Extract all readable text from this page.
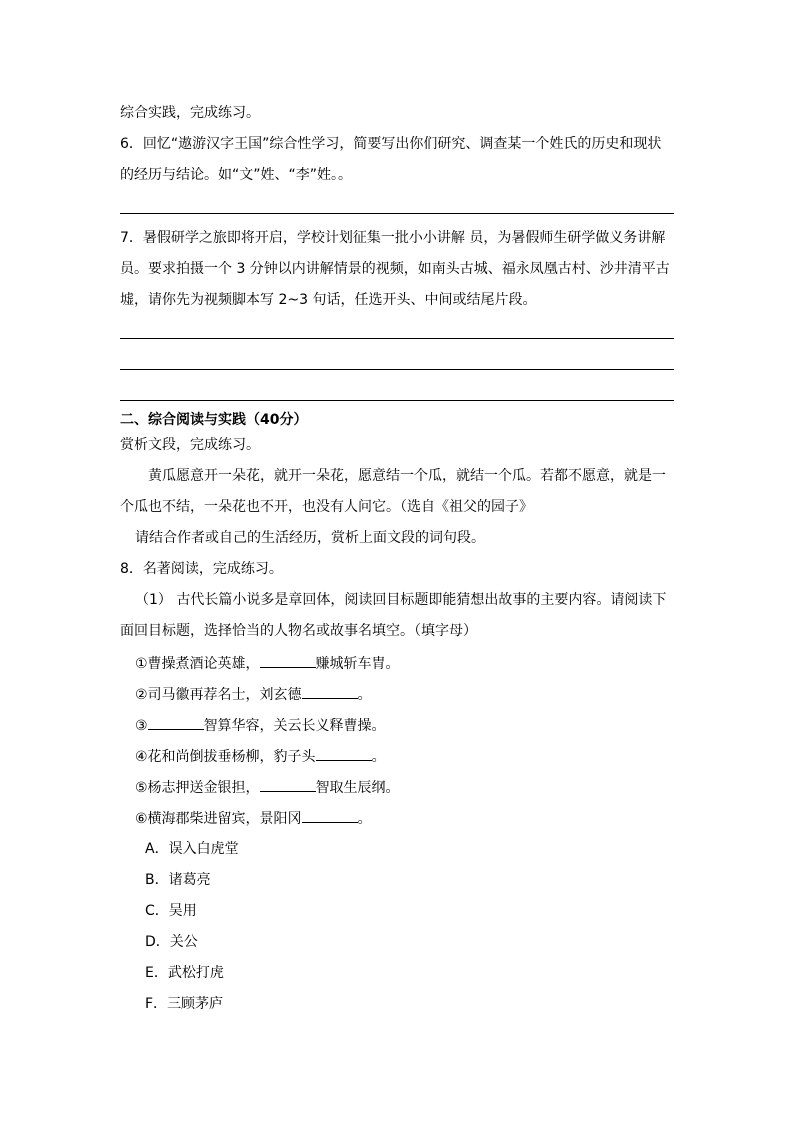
综合实践，完成练习。
6．回忆“遨游汉字王国”综合性学习，简要写出你们研究、调查某一个姓氏的历史和现状
的经历与结论。如“文”姓、“李”姓。。
7．暑假研学之旅即将开启，学校计划征集一批小小讲解 员，为暑假师生研学做义务讲解
员。要求拍摄一个 3 分钟以内讲解情景的视频，如南头古城、福永凤凰古村、沙井清平古
墟，请你先为视频脚本写 2~3 句话，任选开头、中间或结尾片段。
二、综合阅读与实践（40分）
赏析文段，完成练习。
黄瓜愿意开一朵花，就开一朵花，愿意结一个瓜，就结一个瓜。若都不愿意，就是一
个瓜也不结，一朵花也不开，也没有人问它。（选自《祖父的园子》
请结合作者或自己的生活经历，赏析上面文段的词句段。
8．名著阅读，完成练习。
（1） 古代长篇小说多是章回体，阅读回目标题即能猜想出故事的主要内容。请阅读下
面回目标题，选择恰当的人物名或故事名填空。（填字母）
①曹操煮酒论英雄，	赚城斩车胄。
②司马徽再荐名士，刘玄德	。
③	智算华容，关云长义释曹操。
④花和尚倒拔垂杨柳，豹子头	。
⑤杨志押送金银担，	智取生辰纲。
⑥横海郡柴进留宾，景阳冈	。
A．误入白虎堂
B．诸葛亮
C．吴用
D．关公
E．武松打虎
F．三顾茅庐
